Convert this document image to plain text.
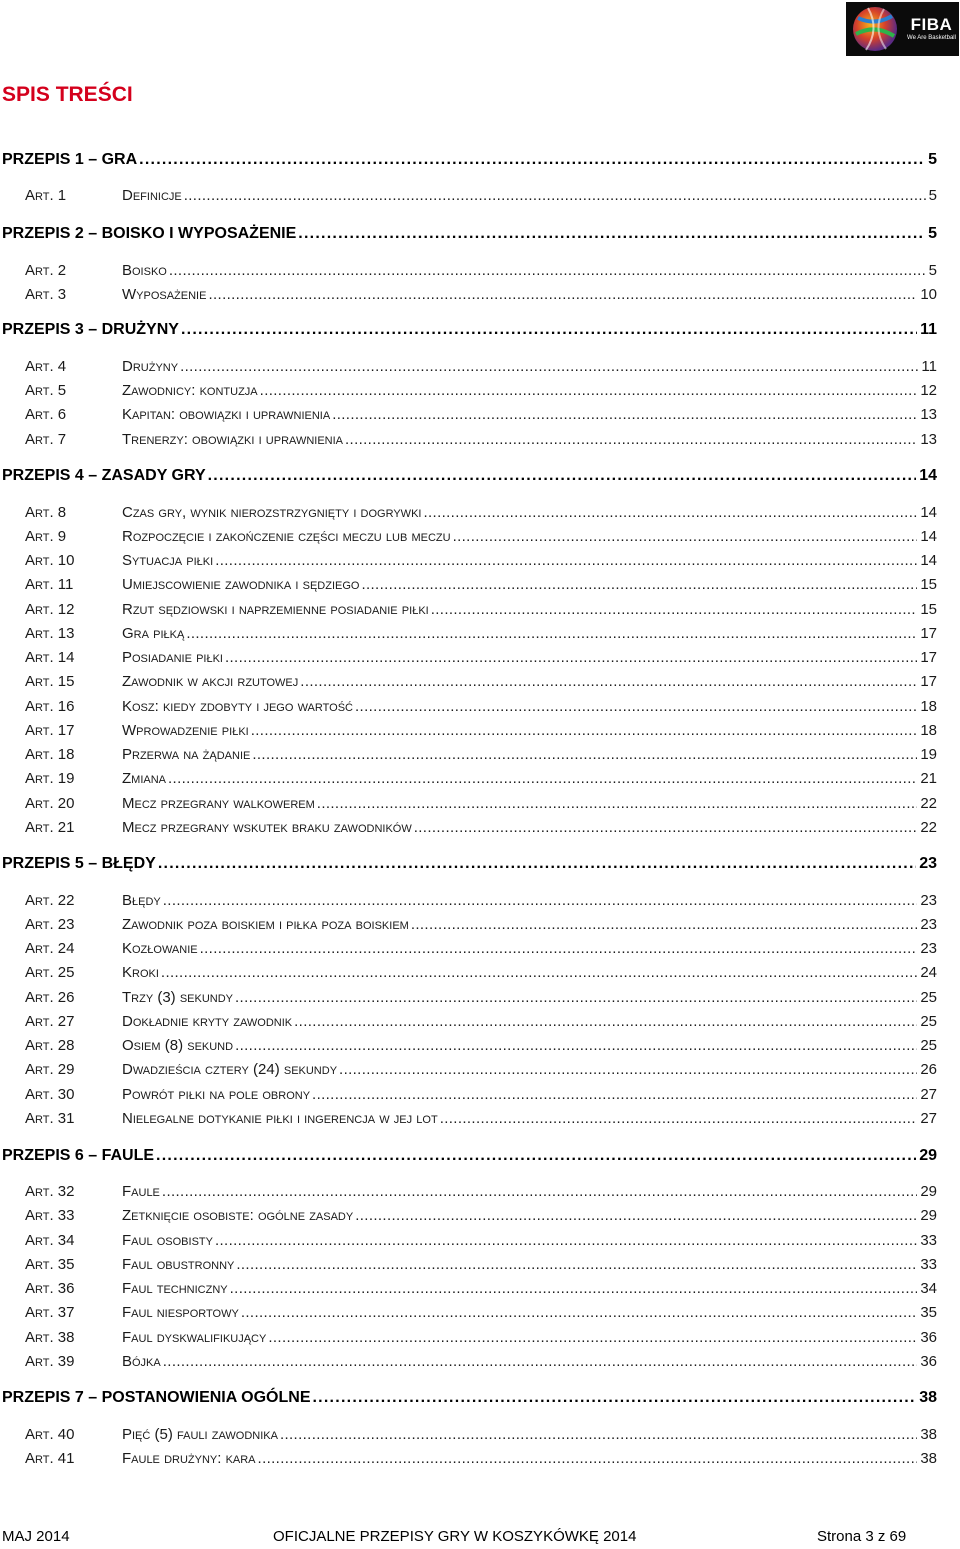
FIBA
We Are Basketball
SPIS TREŚCI
PRZEPIS 1 – GRA . . .	5
Art. 1	Definicje . . .	5
PRZEPIS 2 – BOISKO I WYPOSAŻENIE . . .	5
Art. 2	Boisko . . .	5
Art. 3	Wyposażenie . . .	10
PRZEPIS 3 – DRUŻYNY . . .	11
Art. 4	Drużyny . . .	11
Art. 5	Zawodnicy: kontuzja . . .	12
Art. 6	Kapitan: obowiązki i uprawnienia . . .	13
Art. 7	Trenerzy: obowiązki i uprawnienia . . .	13
PRZEPIS 4 – ZASADY GRY . . .	14
Art. 8	Czas gry, wynik nierozstrzygnięty i dogrywki . . .	14
Art. 9	Rozpoczęcie i zakończenie części meczu lub meczu . . .	14
Art. 10	Sytuacja piłki . . .	14
Art. 11	Umiejscowienie zawodnika i sędziego . . .	15
Art. 12	Rzut sędziowski i naprzemienne posiadanie piłki . . .	15
Art. 13	Gra piłką . . .	17
Art. 14	Posiadanie piłki . . .	17
Art. 15	Zawodnik w akcji rzutowej . . .	17
Art. 16	Kosz: kiedy zdobyty i jego wartość . . .	18
Art. 17	Wprowadzenie piłki . . .	18
Art. 18	Przerwa na żądanie . . .	19
Art. 19	Zmiana . . .	21
Art. 20	Mecz przegrany walkowerem . . .	22
Art. 21	Mecz przegrany wskutek braku zawodników . . .	22
PRZEPIS 5 – BŁĘDY . . .	23
Art. 22	Błędy . . .	23
Art. 23	Zawodnik poza boiskiem i piłka poza boiskiem . . .	23
Art. 24	Kozłowanie . . .	23
Art. 25	Kroki . . .	24
Art. 26	Trzy (3) sekundy . . .	25
Art. 27	Dokładnie kryty zawodnik . . .	25
Art. 28	Osiem (8) sekund . . .	25
Art. 29	Dwadzieścia cztery (24) sekundy . . .	26
Art. 30	Powrót piłki na pole obrony . . .	27
Art. 31	Nielegalne dotykanie piłki i ingerencja w jej lot . . .	27
PRZEPIS 6 – FAULE . . .	29
Art. 32	Faule . . .	29
Art. 33	Zetknięcie osobiste: ogólne zasady . . .	29
Art. 34	Faul osobisty . . .	33
Art. 35	Faul obustronny . . .	33
Art. 36	Faul techniczny . . .	34
Art. 37	Faul niesportowy . . .	35
Art. 38	Faul dyskwalifikujący . . .	36
Art. 39	Bójka . . .	36
PRZEPIS 7 – POSTANOWIENIA OGÓLNE . . .	38
Art. 40	Pięć (5) fauli zawodnika . . .	38
Art. 41	Faule drużyny: kara . . .	38
MAJ 2014	OFICJALNE PRZEPISY GRY W KOSZYKÓWKĘ 2014	Strona 3 z 69
